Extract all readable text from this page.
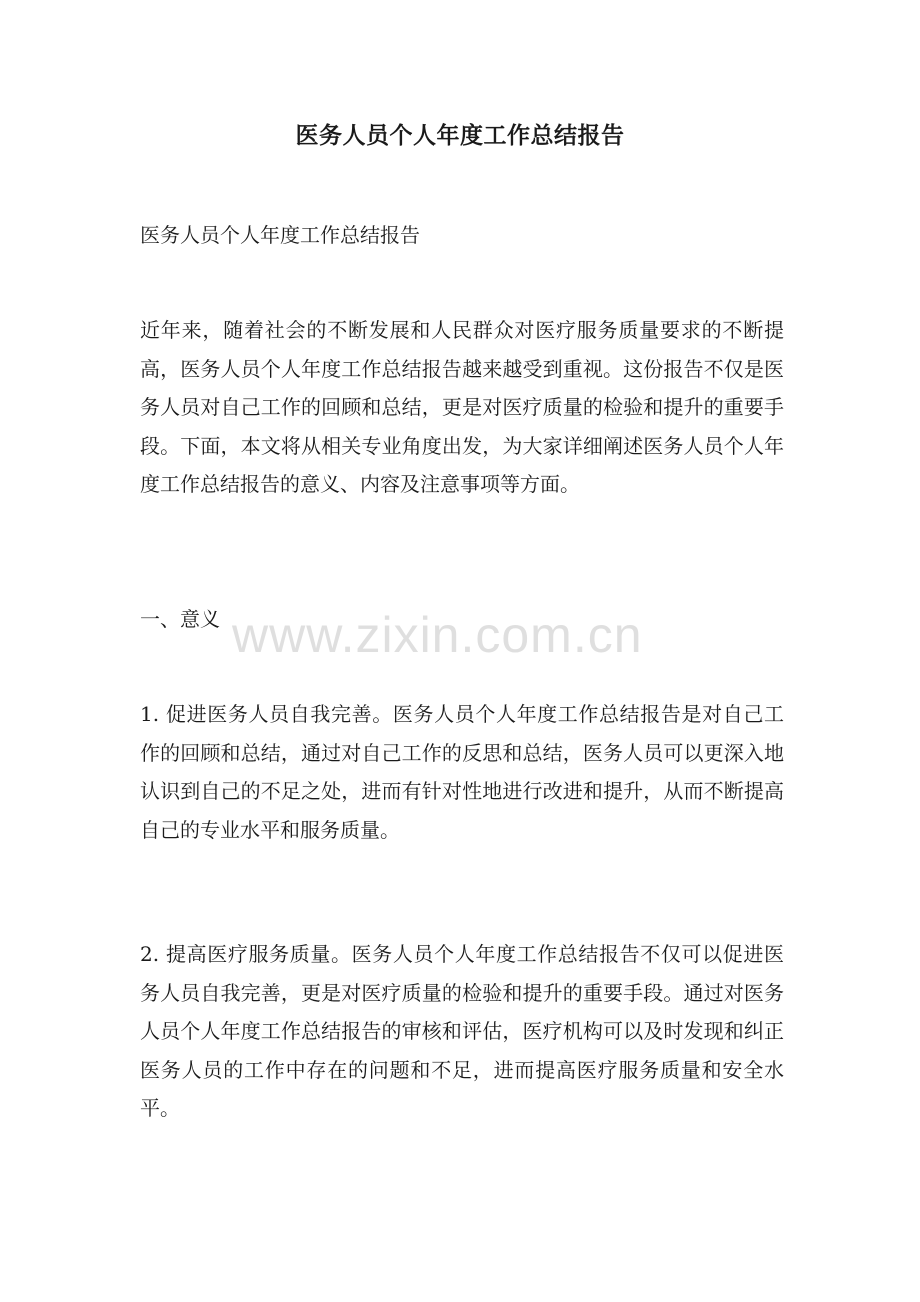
医务人员个人年度工作总结报告

医务人员个人年度工作总结报告

近年来，随着社会的不断发展和人民群众对医疗服务质量要求的不断提高，医务人员个人年度工作总结报告越来越受到重视。这份报告不仅是医务人员对自己工作的回顾和总结，更是对医疗质量的检验和提升的重要手段。下面，本文将从相关专业角度出发，为大家详细阐述医务人员个人年度工作总结报告的意义、内容及注意事项等方面。

一、意义

1. 促进医务人员自我完善。医务人员个人年度工作总结报告是对自己工作的回顾和总结，通过对自己工作的反思和总结，医务人员可以更深入地认识到自己的不足之处，进而有针对性地进行改进和提升，从而不断提高自己的专业水平和服务质量。

2. 提高医疗服务质量。医务人员个人年度工作总结报告不仅可以促进医务人员自我完善，更是对医疗质量的检验和提升的重要手段。通过对医务人员个人年度工作总结报告的审核和评估，医疗机构可以及时发现和纠正医务人员的工作中存在的问题和不足，进而提高医疗服务质量和安全水平。

www.zixin.com.cn
